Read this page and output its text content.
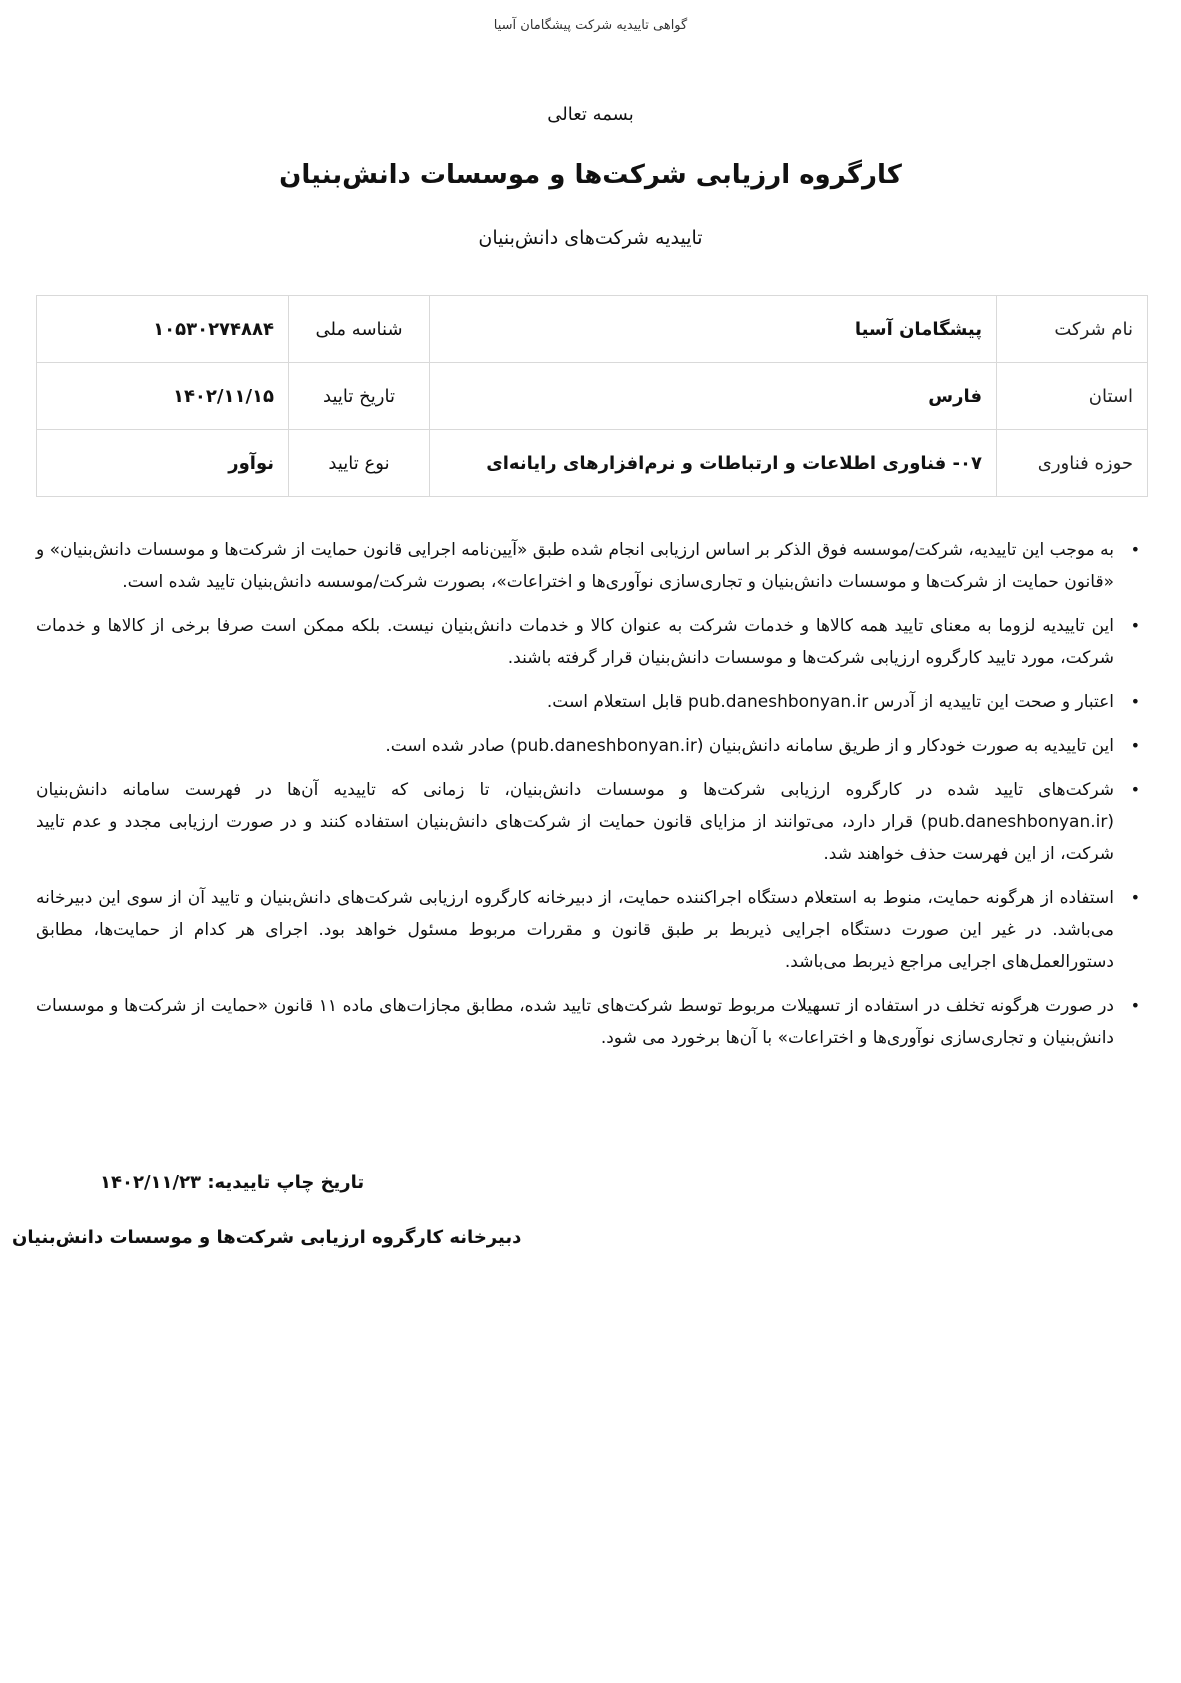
گواهی تاییدیه شرکت پیشگامان آسیا
بسمه تعالی
کارگروه ارزیابی شرکت‌ها و موسسات دانش‌بنیان
تاییدیه شرکت‌های دانش‌بنیان
نام شرکت	پیشگامان آسیا	شناسه ملی	۱۰۵۳۰۲۷۴۸۸۴
استان	فارس	تاریخ تایید	۱۴۰۲/۱۱/۱۵
حوزه فناوری	۰۷- فناوری اطلاعات و ارتباطات و نرم‌افزارهای رایانه‌ای	نوع تایید	نوآور
•
به موجب این تاییدیه، شرکت/موسسه فوق الذکر بر اساس ارزیابی انجام شده طبق «آیین‌نامه اجرایی قانون حمایت از شرکت‌ها و موسسات دانش‌بنیان» و «قانون حمایت از شرکت‌ها و موسسات دانش‌بنیان و تجاری‌سازی نوآوری‌ها و اختراعات»، بصورت شرکت/موسسه دانش‌بنیان تایید شده است.
•
این تاییدیه لزوما به معنای تایید همه کالاها و خدمات شرکت به عنوان کالا و خدمات دانش‌بنیان نیست. بلکه ممکن است صرفا برخی از کالاها و خدمات شرکت، مورد تایید کارگروه ارزیابی شرکت‌ها و موسسات دانش‌بنیان قرار گرفته باشند.
•
اعتبار و صحت این تاییدیه از آدرس pub.daneshbonyan.ir قابل استعلام است.
•
این تاییدیه به صورت خودکار و از طریق سامانه دانش‌بنیان (pub.daneshbonyan.ir) صادر شده است.
•
شرکت‌های تایید شده در کارگروه ارزیابی شرکت‌ها و موسسات دانش‌بنیان، تا زمانی که تاییدیه آن‌ها در فهرست سامانه دانش‌بنیان (pub.daneshbonyan.ir) قرار دارد، می‌توانند از مزایای قانون حمایت از شرکت‌های دانش‌بنیان استفاده کنند و در صورت ارزیابی مجدد و عدم تایید شرکت، از این فهرست حذف خواهند شد.
•
استفاده از هرگونه حمایت، منوط به استعلام دستگاه اجراکننده حمایت، از دبیرخانه کارگروه ارزیابی شرکت‌های دانش‌بنیان و تایید آن از سوی این دبیرخانه می‌باشد. در غیر این صورت دستگاه اجرایی ذیربط بر طبق قانون و مقررات مربوط مسئول خواهد بود. اجرای هر کدام از حمایت‌ها، مطابق دستورالعمل‌های اجرایی مراجع ذیربط می‌باشد.
•
در صورت هرگونه تخلف در استفاده از تسهیلات مربوط توسط شرکت‌های تایید شده، مطابق مجازات‌های ماده ۱۱ قانون «حمایت از شرکت‌ها و موسسات دانش‌بنیان و تجاری‌سازی نوآوری‌ها و اختراعات» با آن‌ها برخورد می شود.
تاریخ چاپ تاییدیه: ۱۴۰۲/۱۱/۲۳
دبیرخانه کارگروه ارزیابی شرکت‌ها و موسسات دانش‌بنیان
